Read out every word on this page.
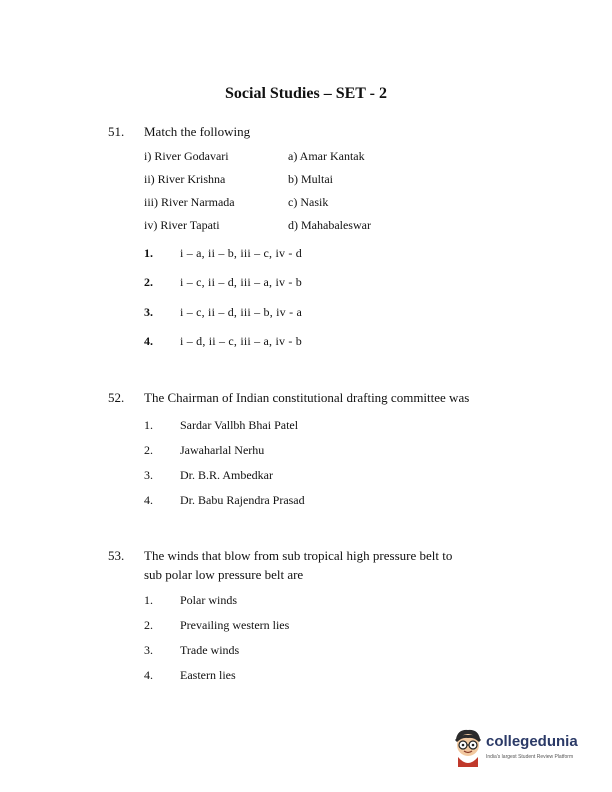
Social Studies – SET - 2
51. Match the following
i) River Godavari	a) Amar Kantak
ii) River Krishna	b) Multai
iii) River Narmada	c) Nasik
iv) River Tapati	d) Mahabaleswar
1. i – a, ii – b, iii – c, iv - d
2. i – c, ii – d, iii – a, iv - b
3. i – c, ii – d, iii – b, iv - a
4. i – d, ii – c, iii – a, iv - b
52. The Chairman of Indian constitutional drafting committee was
1. Sardar Vallbh Bhai Patel
2. Jawaharlal Nerhu
3. Dr. B.R. Ambedkar
4. Dr. Babu Rajendra Prasad
53. The winds that blow from sub tropical high pressure belt to
sub polar low pressure belt are
1. Polar winds
2. Prevailing western lies
3. Trade winds
4. Eastern lies
collegedunia
India's largest Student Review Platform
